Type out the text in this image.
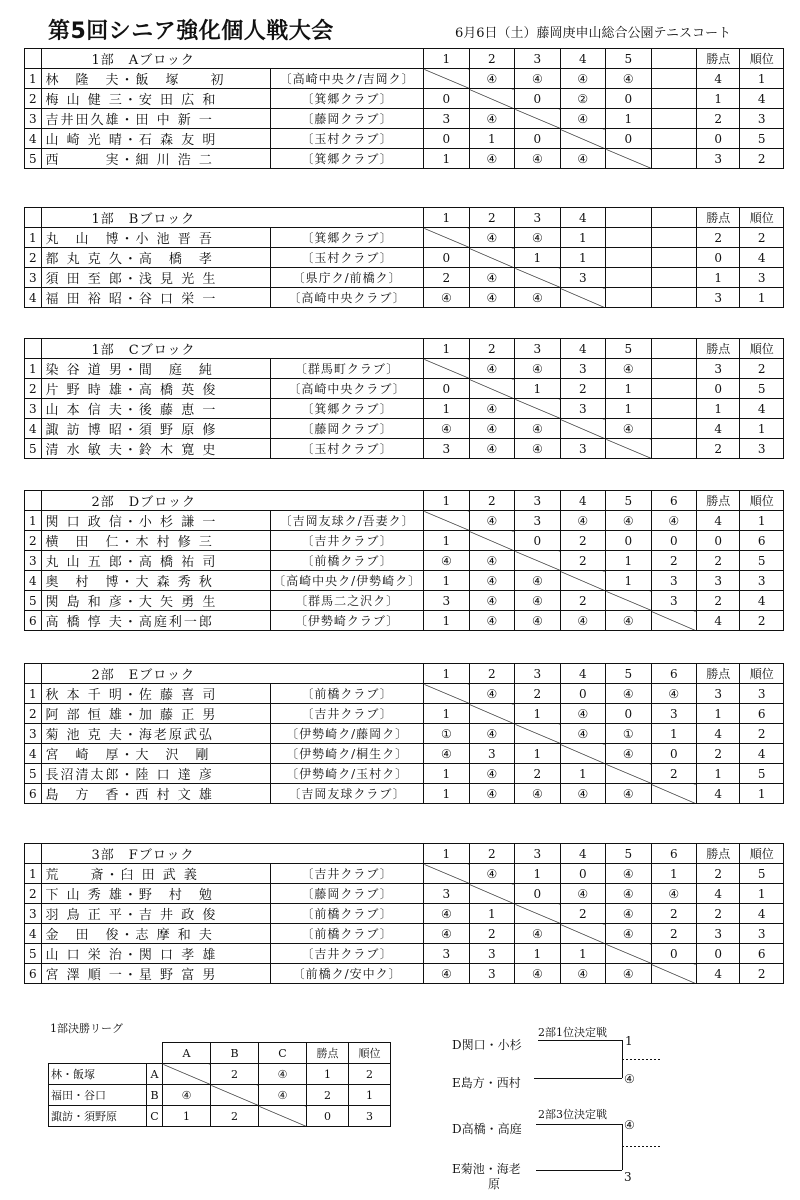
第5回シニア強化個人戦大会	6月6日（土）藤岡庚申山総合公園テニスコート
	1部　Aブロック		1	2	3	4	5		勝点	順位
1	林　隆　夫・飯　塚　　初	〔高崎中央ク/吉岡ク〕		④	④	④	④		4	1
2	梅 山 健 三・安 田 広 和	〔箕郷クラブ〕	0		0	②	0		1	4
3	吉井田久雄・田 中 新 一	〔藤岡クラブ〕	3	④		④	1		2	3
4	山 崎 光 晴・石 森 友 明	〔玉村クラブ〕	0	1	0		0		0	5
5	西　　　実・細 川 浩 二	〔箕郷クラブ〕	1	④	④	④			3	2
	1部　Bブロック		1	2	3	4			勝点	順位
1	丸　山　博・小 池 晋 吾	〔箕郷クラブ〕		④	④	1			2	2
2	都 丸 克 久・高　橋　孝	〔玉村クラブ〕	0		1	1			0	4
3	須 田 至 郎・浅 見 光 生	〔県庁ク/前橋ク〕	2	④		3			1	3
4	福 田 裕 昭・谷 口 栄 一	〔高崎中央クラブ〕	④	④	④				3	1
	1部　Cブロック		1	2	3	4	5		勝点	順位
1	染 谷 道 男・間　庭　純	〔群馬町クラブ〕		④	④	3	④		3	2
2	片 野 時 雄・高 橋 英 俊	〔高崎中央クラブ〕	0		1	2	1		0	5
3	山 本 信 夫・後 藤 恵 一	〔箕郷クラブ〕	1	④		3	1		1	4
4	諏 訪 博 昭・須 野 原 修	〔藤岡クラブ〕	④	④	④		④		4	1
5	清 水 敏 夫・鈴 木 寛 史	〔玉村クラブ〕	3	④	④	3			2	3
	2部　Dブロック		1	2	3	4	5	6	勝点	順位
1	関 口 政 信・小 杉 謙 一	〔吉岡友球ク/吾妻ク〕		④	3	④	④	④	4	1
2	横　田　仁・木 村 修 三	〔吉井クラブ〕	1		0	2	0	0	0	6
3	丸 山 五 郎・高 橋 祐 司	〔前橋クラブ〕	④	④		2	1	2	2	5
4	奥　村　博・大 森 秀 秋	〔高崎中央ク/伊勢崎ク〕	1	④	④		1	3	3	3
5	関 島 和 彦・大 矢 勇 生	〔群馬二之沢ク〕	3	④	④	2		3	2	4
6	高 橋 惇 夫・高庭利一郎	〔伊勢崎クラブ〕	1	④	④	④	④		4	2
	2部　Eブロック		1	2	3	4	5	6	勝点	順位
1	秋 本 千 明・佐 藤 喜 司	〔前橋クラブ〕		④	2	0	④	④	3	3
2	阿 部 恒 雄・加 藤 正 男	〔吉井クラブ〕	1		1	④	0	3	1	6
3	菊 池 克 夫・海老原武弘	〔伊勢崎ク/藤岡ク〕	①	④		④	①	1	4	2
4	宮　崎　厚・大　沢　剛	〔伊勢崎ク/桐生ク〕	④	3	1		④	0	2	4
5	長沼清太郎・陸 口 達 彦	〔伊勢崎ク/玉村ク〕	1	④	2	1		2	1	5
6	島　方　香・西 村 文 雄	〔吉岡友球クラブ〕	1	④	④	④	④		4	1
	3部　Fブロック		1	2	3	4	5	6	勝点	順位
1	荒　　斎・臼 田 武 義	〔吉井クラブ〕		④	1	0	④	1	2	5
2	下 山 秀 雄・野　村　勉	〔藤岡クラブ〕	3		0	④	④	④	4	1
3	羽 鳥 正 平・吉 井 政 俊	〔前橋クラブ〕	④	1		2	④	2	2	4
4	金　田　俊・志 摩 和 夫	〔前橋クラブ〕	④	2	④		④	2	3	3
5	山 口 栄 治・関 口 孝 雄	〔吉井クラブ〕	3	3	1	1		0	0	6
6	宮 澤 順 一・星 野 富 男	〔前橋ク/安中ク〕	④	3	④	④	④		4	2
1部決勝リーグ
		A	B	C	勝点	順位
林・飯塚	A		2	④	1	2
福田・谷口	B	④		④	2	1
諏訪・須野原	C	1	2		0	3
2部1位決定戦
D関口・小杉	1
E島方・西村	④
2部3位決定戦
D高橋・高庭	④
E菊池・海老
原	3
